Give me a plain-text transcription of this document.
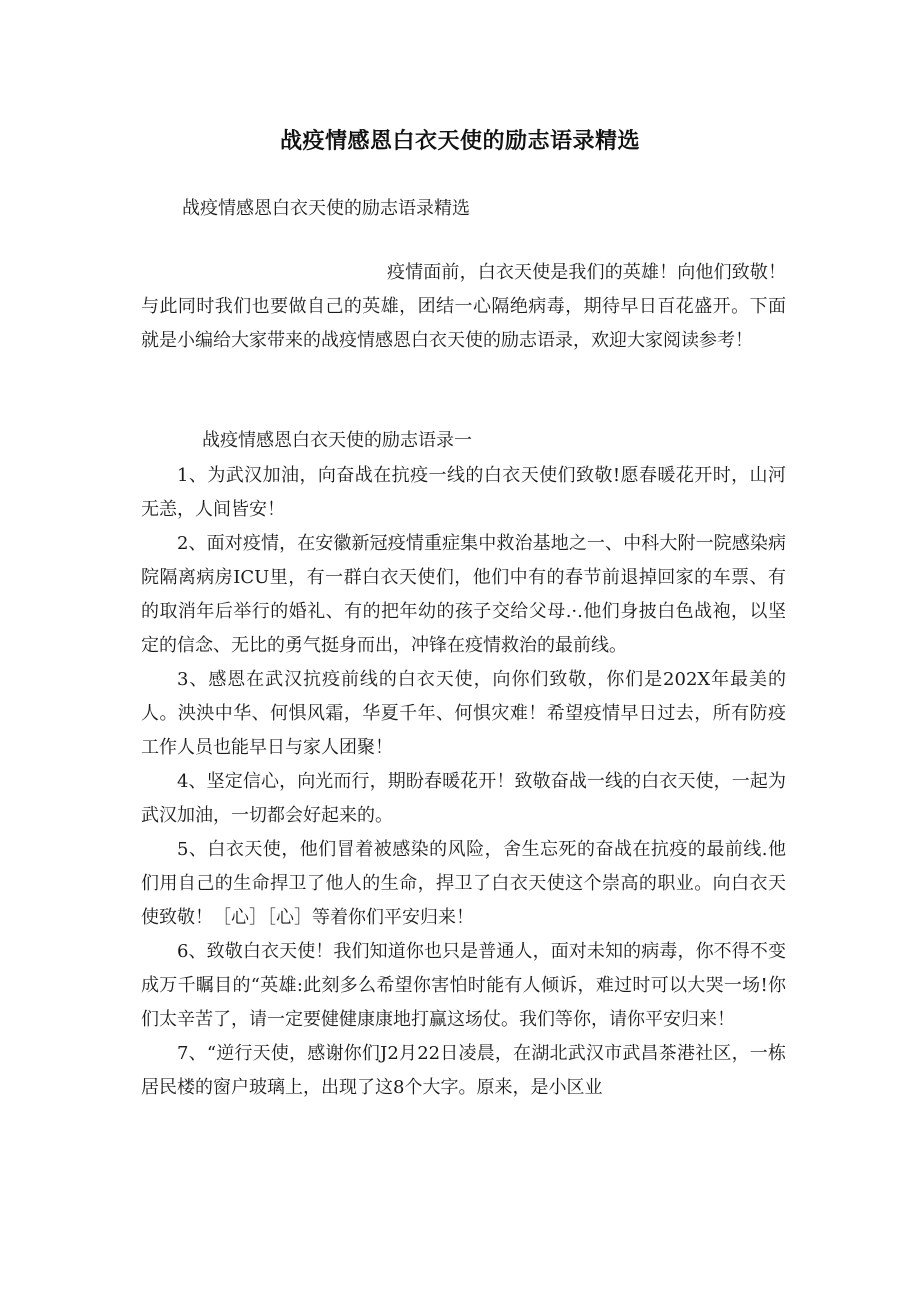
战疫情感恩白衣天使的励志语录精选
战疫情感恩白衣天使的励志语录精选

疫情面前，白衣天使是我们的英雄！向他们致敬！与此同时我们也要做自己的英雄，团结一心隔绝病毒，期待早日百花盛开。下面就是小编给大家带来的战疫情感恩白衣天使的励志语录，欢迎大家阅读参考！

战疫情感恩白衣天使的励志语录一

1、为武汉加油，向奋战在抗疫一线的白衣天使们致敬!愿春暖花开时，山河无恙，人间皆安！

2、面对疫情，在安徽新冠疫情重症集中救治基地之一、中科大附一院感染病院隔离病房ICU里，有一群白衣天使们，他们中有的春节前退掉回家的车票、有的取消年后举行的婚礼、有的把年幼的孩子交给父母.·.他们身披白色战袍，以坚定的信念、无比的勇气挺身而出，冲锋在疫情救治的最前线。

3、感恩在武汉抗疫前线的白衣天使，向你们致敬，你们是202X年最美的人。泱泱中华、何惧风霜，华夏千年、何惧灾难！希望疫情早日过去，所有防疫工作人员也能早日与家人团聚！

4、坚定信心，向光而行，期盼春暖花开！致敬奋战一线的白衣天使，一起为武汉加油，一切都会好起来的。

5、白衣天使，他们冒着被感染的风险，舍生忘死的奋战在抗疫的最前线.他们用自己的生命捍卫了他人的生命，捍卫了白衣天使这个崇高的职业。向白衣天使致敬！［心］［心］等着你们平安归来！

6、致敬白衣天使！我们知道你也只是普通人，面对未知的病毒，你不得不变成万千瞩目的“英雄:此刻多么希望你害怕时能有人倾诉，难过时可以大哭一场!你们太辛苦了，请一定要健健康康地打赢这场仗。我们等你，请你平安归来！

7、“逆行天使，感谢你们J2月22日凌晨，在湖北武汉市武昌茶港社区，一栋居民楼的窗户玻璃上，出现了这8个大字。原来，是小区业
